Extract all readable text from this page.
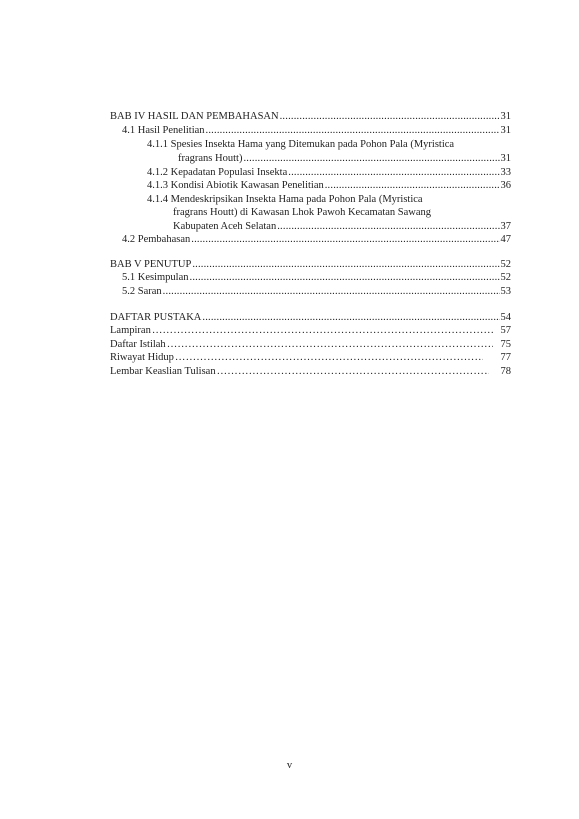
BAB IV HASIL DAN PEMBAHASAN .....	31
4.1 Hasil Penelitian .....	31
4.1.1 Spesies Insekta Hama yang Ditemukan pada Pohon Pala (Myristica
fragrans Houtt) .....	31
4.1.2 Kepadatan Populasi Insekta .....	33
4.1.3 Kondisi Abiotik Kawasan Penelitian .....	36
4.1.4 Mendeskripsikan Insekta Hama pada Pohon Pala (Myristica
fragrans Houtt) di Kawasan Lhok Pawoh Kecamatan Sawang
Kabupaten Aceh Selatan .....	37
4.2 Pembahasan .....	47
BAB V PENUTUP .....	52
5.1 Kesimpulan .....	52
5.2 Saran .....	53
DAFTAR PUSTAKA .....	54
Lampiran …………………………………………………………………………………………………………………………………………………………	57
Daftar Istilah …………………………………………………………………………………………………………………………………………………………	75
Riwayat Hidup …………………………………………………………………………………………………………………………………………………………	77
Lembar Keaslian Tulisan …………………………………………………………………………………………………………………………………………………………	78
v
